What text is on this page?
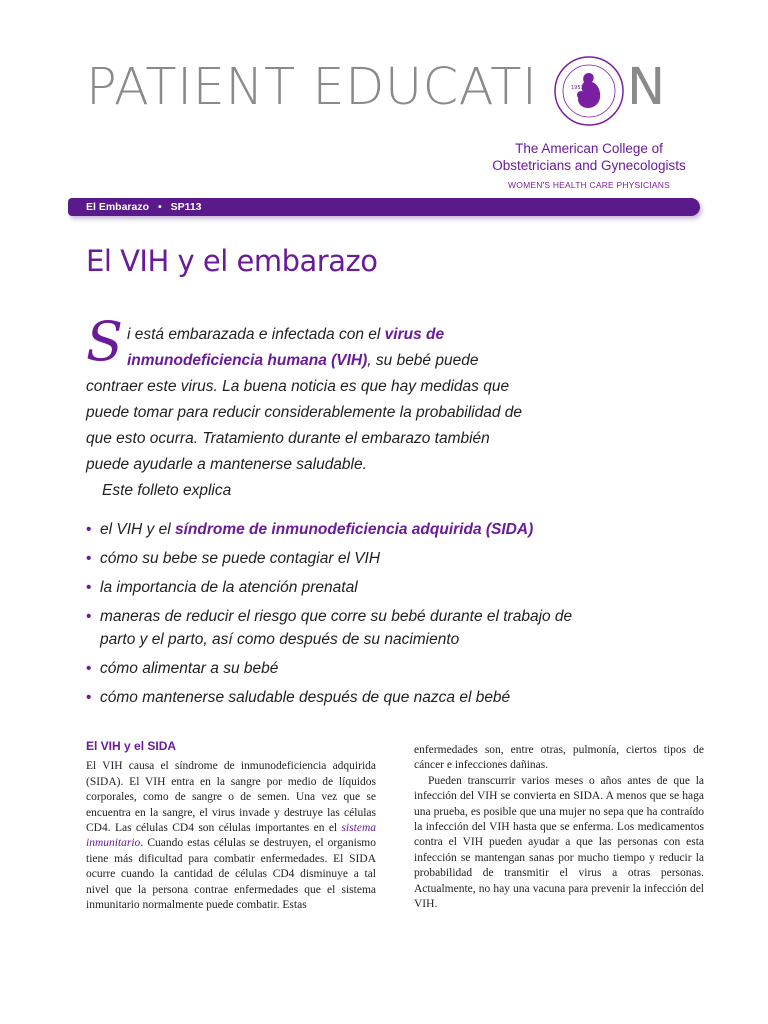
PATIENT EDUCATI	1951 N
The American College of
Obstetricians and Gynecologists
WOMEN'S HEALTH CARE PHYSICIANS
El Embarazo • SP113
El VIH y el embarazo
S i está embarazada e infectada con el virus de inmunodeficiencia humana (VIH), su bebé puede contraer este virus. La buena noticia es que hay medidas que puede tomar para reducir considerablemente la probabilidad de que esto ocurra. Tratamiento durante el embarazo también puede ayudarle a mantenerse saludable.
Este folleto explica
• el VIH y el síndrome de inmunodeficiencia adquirida (SIDA)
• cómo su bebe se puede contagiar el VIH
• la importancia de la atención prenatal
• maneras de reducir el riesgo que corre su bebé durante el trabajo de parto y el parto, así como después de su nacimiento
• cómo alimentar a su bebé
• cómo mantenerse saludable después de que nazca el bebé
El VIH y el SIDA

El VIH causa el síndrome de inmunodeficiencia adquirida (SIDA). El VIH entra en la sangre por medio de líquidos corporales, como de sangre o de semen. Una vez que se encuentra en la sangre, el virus invade y destruye las células CD4. Las células CD4 son células importantes en el sistema inmunitario. Cuando estas células se destruyen, el organismo tiene más dificultad para combatir enfermedades. El SIDA ocurre cuando la cantidad de células CD4 disminuye a tal nivel que la persona contrae enfermedades que el sistema inmunitario normalmente puede combatir. Estas

enfermedades son, entre otras, pulmonía, ciertos tipos de cáncer e infecciones dañinas.

Pueden transcurrir varios meses o años antes de que la infección del VIH se convierta en SIDA. A menos que se haga una prueba, es posible que una mujer no sepa que ha contraído la infección del VIH hasta que se enferma. Los medicamentos contra el VIH pueden ayudar a que las personas con esta infección se mantengan sanas por mucho tiempo y reducir la probabilidad de transmitir el virus a otras personas. Actualmente, no hay una vacuna para prevenir la infección del VIH.
